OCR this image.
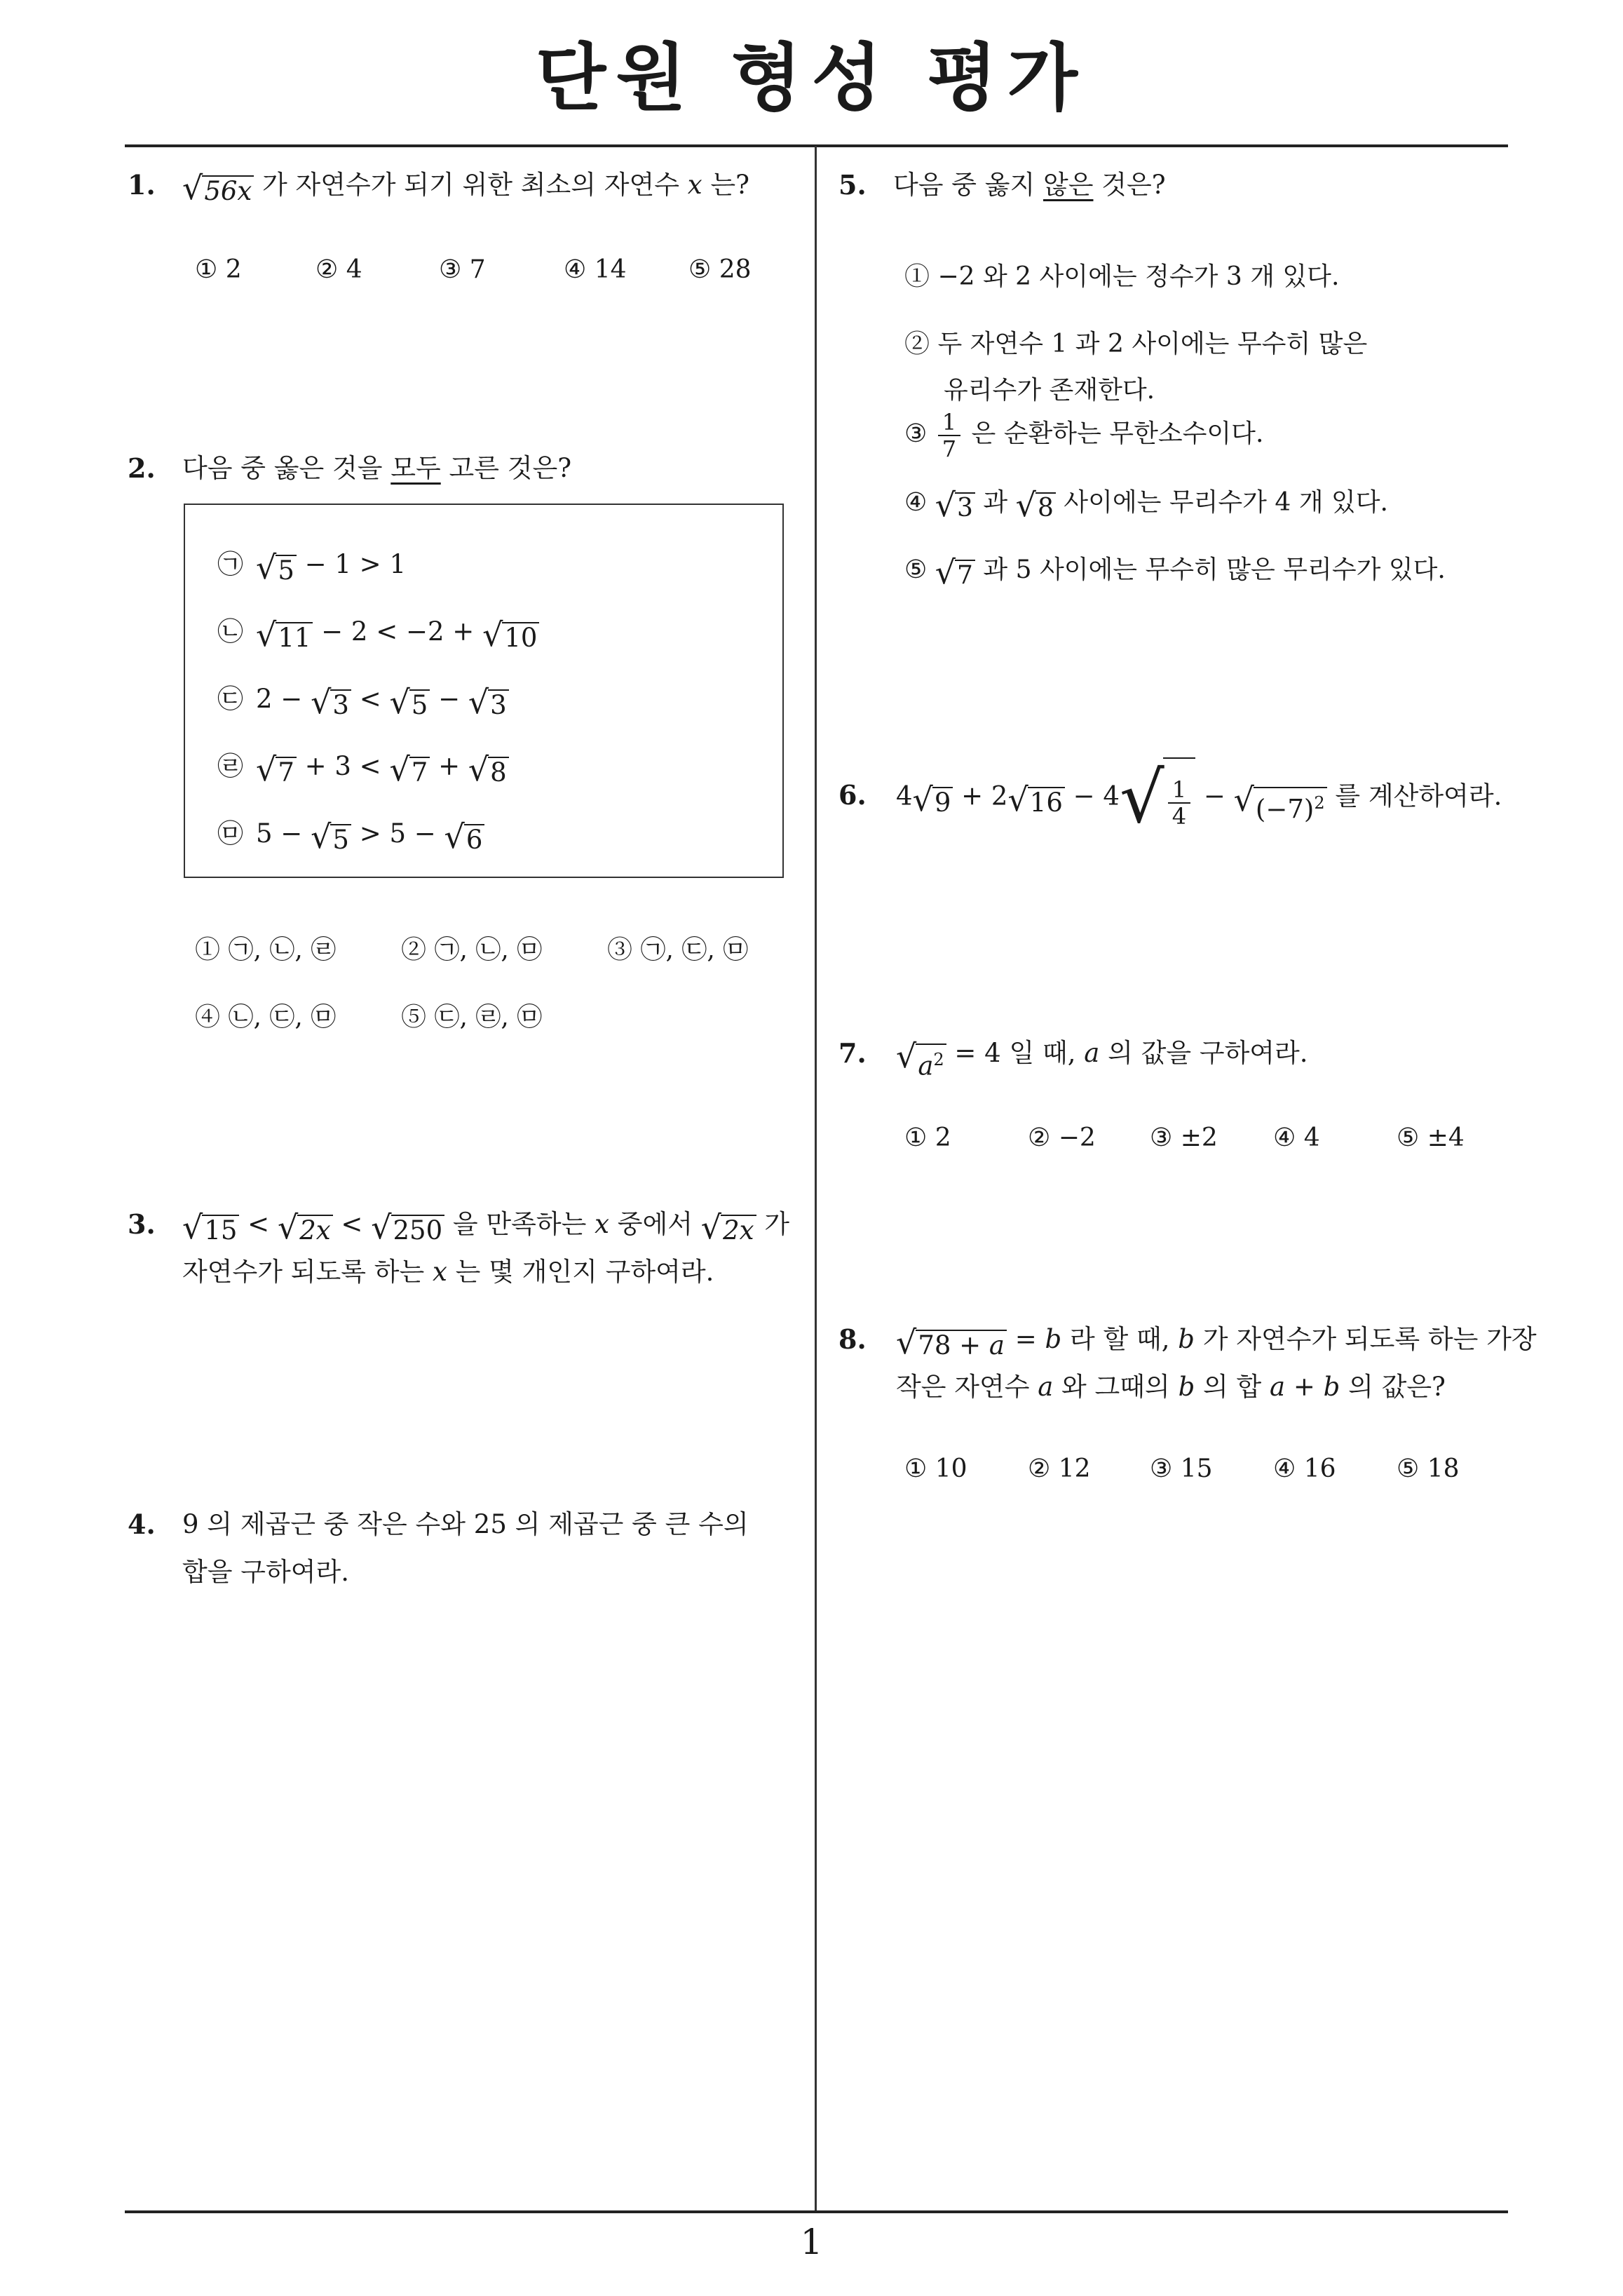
단원 형성 평가
1. √ 56x 가 자연수가 되기 위한 최소의 자연수 x 는?
① 2	② 4	③ 7	④ 14 ⑤ 28
2. 다음 중 옳은 것을 모두 고른 것은?
㉠ √ 5 − 1 > 1
㉡ √ 11 − 2 < −2 + √ 10
㉢ 2 − √ 3 < √ 5 − √ 3
㉣ √ 7 + 3 < √ 7 + √ 8
㉤ 5 − √ 5 > 5 − √ 6
① ㉠, ㉡, ㉣	② ㉠, ㉡, ㉤	③ ㉠, ㉢, ㉤
④ ㉡, ㉢, ㉤	⑤ ㉢, ㉣, ㉤
3. √ 15 < √ 2x < √ 250 을 만족하는 x 중에서 √ 2x 가
자연수가 되도록 하는 x 는 몇 개인지 구하여라.
4. 9 의 제곱근 중 작은 수와 25 의 제곱근 중 큰 수의
합을 구하여라.
5. 다음 중 옳지 않은 것은?
① −2 와 2 사이에는 정수가 3 개 있다.
② 두 자연수 1 과 2 사이에는 무수히 많은
유리수가 존재한다.
③ $\frac{1}{7}$ 은 순환하는 무한소수이다.
④ √ 3 과 √ 8 사이에는 무리수가 4 개 있다.
⑤ √ 7 과 5 사이에는 무수히 많은 무리수가 있다.
6. 4 √ 9 + 2 √ 16 − 4 √ $\frac{1}{4}$ − √ $(-7)^2$ 를 계산하여라.
7. √ $a^2 = 4$ 일 때, a 의 값을 구하여라.
① 2	② −2 ③ ±2 ④ 4	⑤ ±4
8. √ 78 + a = b 라 할 때, b 가 자연수가 되도록 하는 가장
작은 자연수 a 와 그때의 b 의 합 a + b 의 값은?
① 10 ② 12 ③ 15 ④ 16 ⑤ 18
1
